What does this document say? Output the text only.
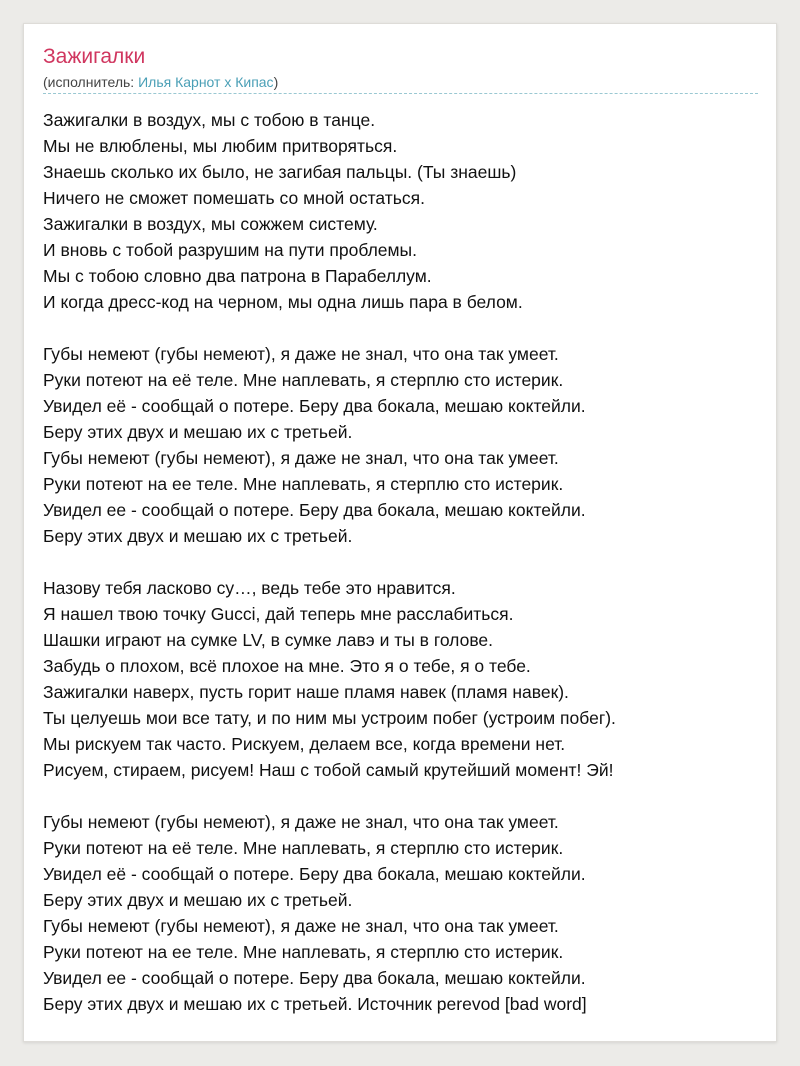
Зажигалки
(исполнитель: Илья Карнот x Кипас)
Зажигалки в воздух, мы с тобою в танце.
Мы не влюблены, мы любим притворяться.
Знаешь сколько их было, не загибая пальцы. (Ты знаешь)
Ничего не сможет помешать со мной остаться.
Зажигалки в воздух, мы сожжем систему.
И вновь с тобой разрушим на пути проблемы.
Мы с тобою словно два патрона в Парабеллум.
И когда дресс-код на черном, мы одна лишь пара в белом.
Губы немеют (губы немеют), я даже не знал, что она так умеет.
Руки потеют на её теле. Мне наплевать, я стерплю сто истерик.
Увидел её - сообщай о потере. Беру два бокала, мешаю коктейли.
Беру этих двух и мешаю их с третьей.
Губы немеют (губы немеют), я даже не знал, что она так умеет.
Руки потеют на ее теле. Мне наплевать, я стерплю сто истерик.
Увидел ее - сообщай о потере. Беру два бокала, мешаю коктейли.
Беру этих двух и мешаю их с третьей.
Назову тебя ласково су…, ведь тебе это нравится.
Я нашел твою точку Gucci, дай теперь мне расслабиться.
Шашки играют на сумке LV, в сумке лавэ и ты в голове.
Забудь о плохом, всё плохое на мне. Это я о тебе, я о тебе.
Зажигалки наверх, пусть горит наше пламя навек (пламя навек).
Ты целуешь мои все тату, и по ним мы устроим побег (устроим побег).
Мы рискуем так часто. Рискуем, делаем все, когда времени нет.
Рисуем, стираем, рисуем! Наш с тобой самый крутейший момент! Эй!
Губы немеют (губы немеют), я даже не знал, что она так умеет.
Руки потеют на её теле. Мне наплевать, я стерплю сто истерик.
Увидел её - сообщай о потере. Беру два бокала, мешаю коктейли.
Беру этих двух и мешаю их с третьей.
Губы немеют (губы немеют), я даже не знал, что она так умеет.
Руки потеют на ее теле. Мне наплевать, я стерплю сто истерик.
Увидел ее - сообщай о потере. Беру два бокала, мешаю коктейли.
Беру этих двух и мешаю их с третьей. Источник perevod [bad word]
